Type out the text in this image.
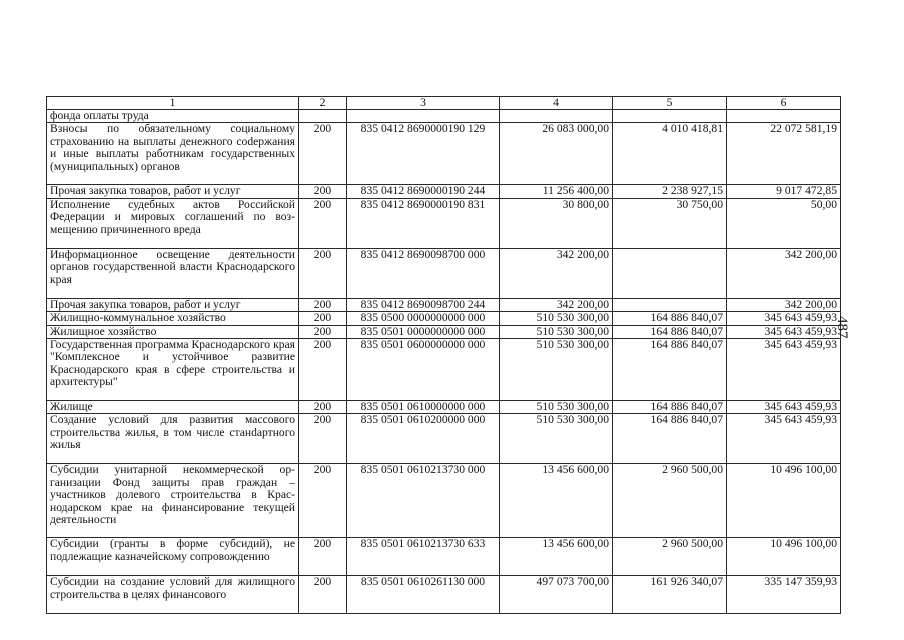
1	2	3	4	5	6
фонда оплаты труда					
Взносы по обязательному социальному страхованию на выплаты денежного соdержания и иные выплаты работникам государственных (муниципальных) органов	200	835 0412 8690000190 129	26 083 000,00	4 010 418,81	22 072 581,19
Прочая закупка товаров, работ и услуг	200	835 0412 8690000190 244	11 256 400,00	2 238 927,15	9 017 472,85
Исполнение судебных актов Российской Федерации и мировых соглашений по возмещению причиненного вреда	200	835 0412 8690000190 831	30 800,00	30 750,00	50,00
Информационное освещение деятельности органов государственной власти Краснодарского края	200	835 0412 8690098700 000	342 200,00		342 200,00
Прочая закупка товаров, работ и услуг	200	835 0412 8690098700 244	342 200,00		342 200,00
Жилищно-коммунальное хозяйство	200	835 0500 0000000000 000	510 530 300,00	164 886 840,07	345 643 459,93
Жилищное хозяйство	200	835 0501 0000000000 000	510 530 300,00	164 886 840,07	345 643 459,93
Государственная программа Краснодарского края "Комплексное и устойчивое развитие Краснодарского края в сфере строительства и архитектуры"	200	835 0501 0600000000 000	510 530 300,00	164 886 840,07	345 643 459,93
Жилище	200	835 0501 0610000000 000	510 530 300,00	164 886 840,07	345 643 459,93
Создание условий для развития массового строительства жилья, в том числе станdартного жилья	200	835 0501 0610200000 000	510 530 300,00	164 886 840,07	345 643 459,93
Субсидии унитарной некоммерческой организации Фонд защиты прав граждан – участников долевого строительства в Краснодарском крае на финансирование текущей деятельности	200	835 0501 0610213730 000	13 456 600,00	2 960 500,00	10 496 100,00
Субсидии (гранты в форме субсидий), не подлежащие казначейскому сопровождению	200	835 0501 0610213730 633	13 456 600,00	2 960 500,00	10 496 100,00
Субсидии на создание условий для жилищного строительства в целях финансового	200	835 0501 0610261130 000	497 073 700,00	161 926 340,07	335 147 359,93
487
